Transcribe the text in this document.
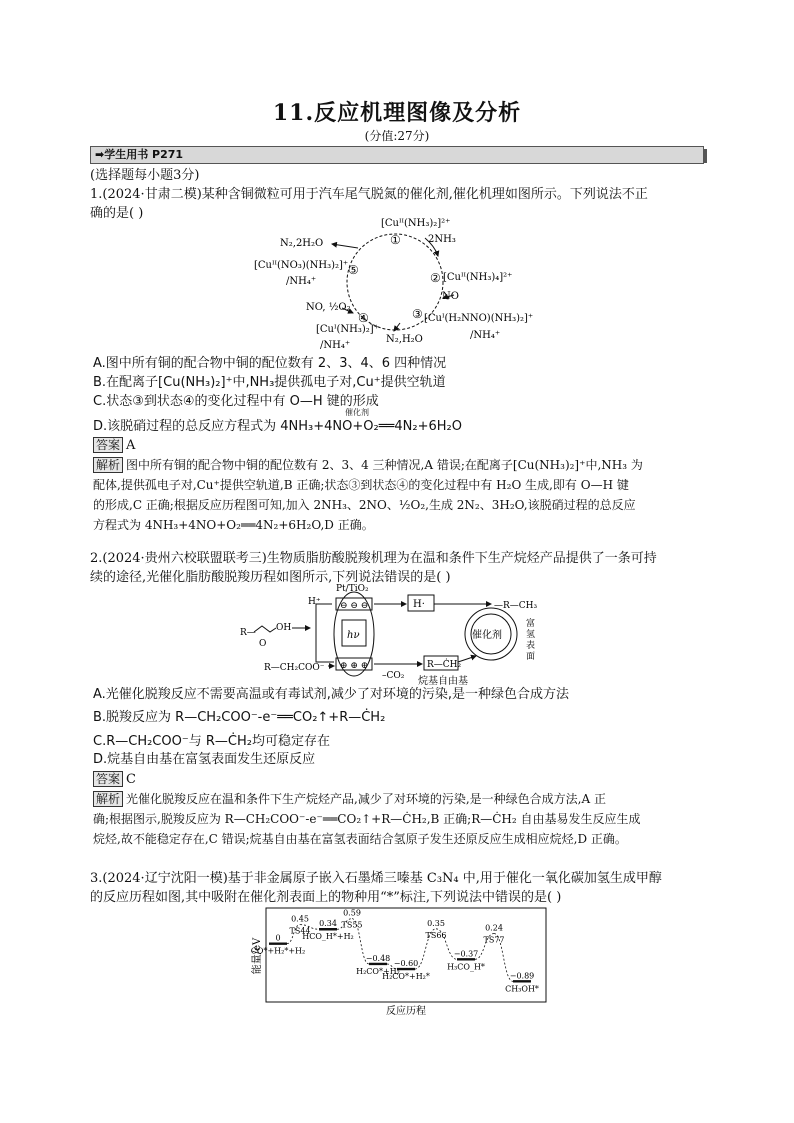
11.反应机理图像及分析
(分值:27分)
➡学生用书 P271
(选择题每小题3分)
1.(2024·甘肃二模)某种含铜微粒可用于汽车尾气脱氮的催化剂,催化机理如图所示。下列说法不正
确的是( )
[Cuᴵᴵ(NH₃)₂]²⁺
①	2NH₃
② [Cuᴵᴵ(NH₃)₄]²⁺
NO
③ [Cuᴵ(H₂NNO)(NH₃)₂]⁺
/NH₄⁺
N₂,H₂O
④
[Cuᴵ(NH₃)₂]⁺
/NH₄⁺
NO, ½O₂
⑤
[Cuᴵᴵ(NO₃)(NH₃)₂]⁺
/NH₄⁺
N₂,2H₂O
A.图中所有铜的配合物中铜的配位数有 2、3、4、6 四种情况
B.在配离子[Cu(NH₃)₂]⁺中,NH₃提供孤电子对,Cu⁺提供空轨道
C.状态③到状态④的变化过程中有 O—H 键的形成
D.该脱硝过程的总反应方程式为 4NH₃+4NO+O₂══4N₂+6H₂O
催化剂
答案 A
解析 图中所有铜的配合物中铜的配位数有 2、3、4 三种情况,A 错误;在配离子[Cu(NH₃)₂]⁺中,NH₃ 为
配体,提供孤电子对,Cu⁺提供空轨道,B 正确;状态③到状态④的变化过程中有 H₂O 生成,即有 O—H 键
的形成,C 正确;根据反应历程图可知,加入 2NH₃、2NO、½O₂,生成 2N₂、3H₂O,该脱硝过程的总反应
方程式为 4NH₃+4NO+O₂══4N₂+6H₂O,D 正确。
2.(2024·贵州六校联盟联考三)生物质脂肪酸脱羧机理为在温和条件下生产烷烃产品提供了一条可持
续的途径,光催化脂肪酸脱羧历程如图所示,下列说法错误的是( )
Pt/TiO₂
H⁺ ⊖ ⊖ ⊖
hν
⊕ ⊕ ⊕
H·	—R—CH₃
催化剂
富
氢
表
面
R— OH
O
R—CH₂COO⁻
–CO₂
R—ĊH₂
烷基自由基
A.光催化脱羧反应不需要高温或有毒试剂,减少了对环境的污染,是一种绿色合成方法
B.脱羧反应为 R—CH₂COO⁻-e⁻══CO₂↑+R—ĊH₂
C.R—CH₂COO⁻与 R—ĊH₂均可稳定存在
D.烷基自由基在富氢表面发生还原反应
答案 C
解析 光催化脱羧反应在温和条件下生产烷烃产品,减少了对环境的污染,是一种绿色合成方法,A 正
确;根据图示,脱羧反应为 R—CH₂COO⁻-e⁻══CO₂↑+R—ĊH₂,B 正确;R—ĊH₂ 自由基易发生反应生成
烷烃,故不能稳定存在,C 错误;烷基自由基在富氢表面结合氢原子发生还原反应生成相应烷烃,D 正确。
3.(2024·辽宁沈阳一模)基于非金属原子嵌入石墨烯三嗪基 C₃N₄ 中,用于催化一氧化碳加氢生成甲醇
的反应历程如图,其中吸附在催化剂表面上的物种用“*”标注,下列说法中错误的是( )
能量/eV
反应历程
0
CO*+H₂*+H₂
0.45
TS44
0.34
HCO_H*+H₂
0.59
TS55
−0.48
H₂CO*+H₂
−0.60
H₂CO*+H₂*
0.35
TS66
−0.37
H₃CO_H*
0.24
TS77
−0.89
CH₃OH*
